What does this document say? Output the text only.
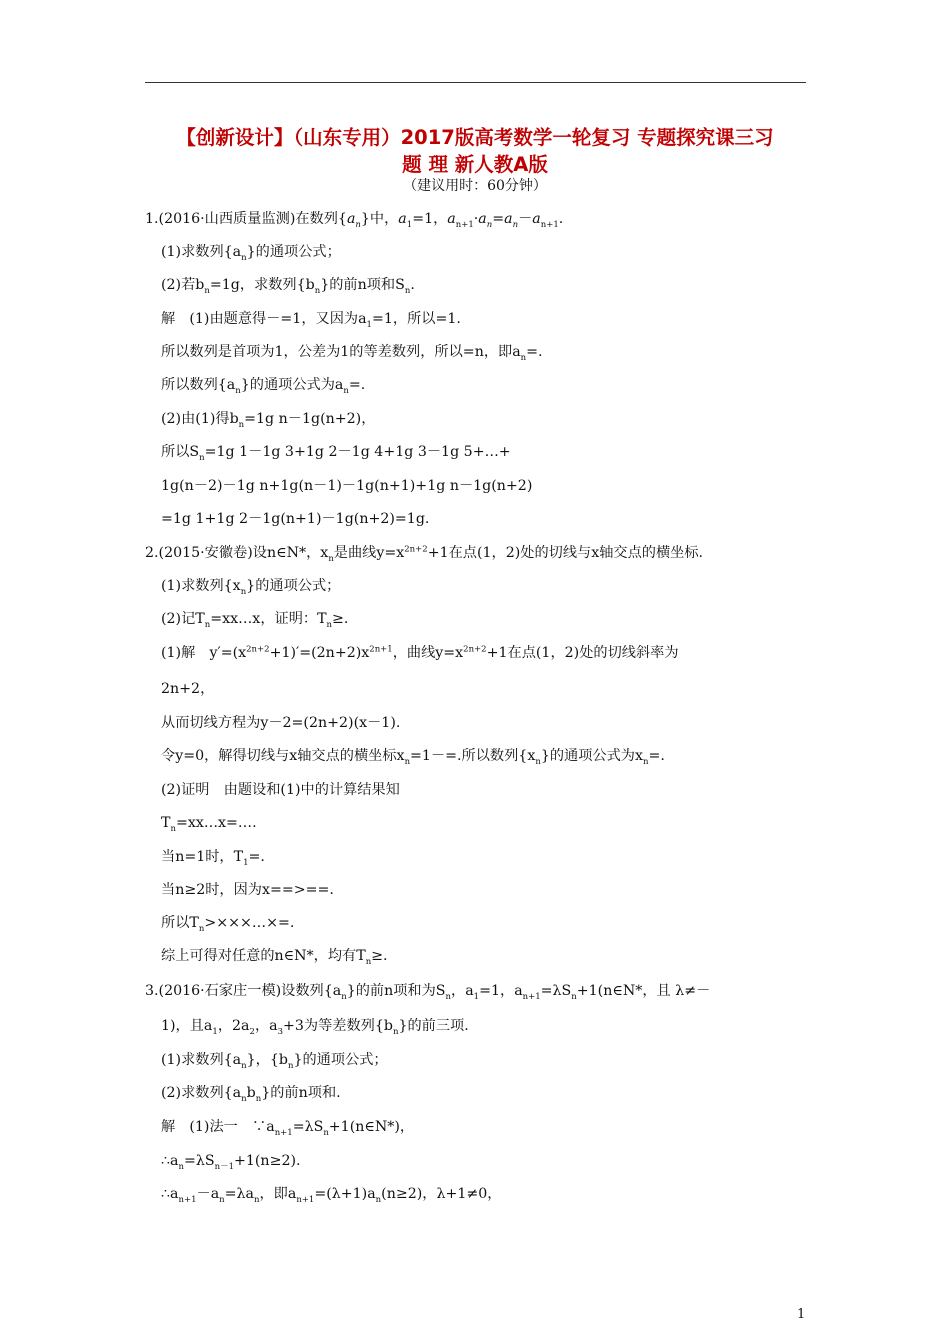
【创新设计】（山东专用）2017版高考数学一轮复习 专题探究课三习
题 理 新人教A版
（建议用时：60分钟）
1.(2016·山西质量监测)在数列$\{a_n\}$中，$a_1=1$，$a_{n+1}\cdot a_n=a_n-a_{n+1}$.
(1)求数列$\{a_n\}$的通项公式；
(2)若$b_n=1g$，求数列$\{b_n\}$的前n项和$S_n$.
解　(1)由题意得－=1，又因为$a_1=1$，所以=1.
所以数列是首项为1，公差为1的等差数列，所以=n，即$a_n=$.
所以数列$\{a_n\}$的通项公式为$a_n=$.
(2)由(1)得$b_n=1g$ n－1g(n+2)，
所以$S_n=1g$ 1－1g 3+1g 2－1g 4+1g 3－1g 5+…+
1g(n－2)－1g n+1g(n－1)－1g(n+1)+1g n－1g(n+2)
=1g 1+1g 2－1g(n+1)－1g(n+2)=1g.
2.(2015·安徽卷)设n∈N*，$x_n$是曲线$y=x^{2n+2}+1$在点(1，2)处的切线与x轴交点的横坐标.
(1)求数列$\{x_n\}$的通项公式；
(2)记$T_n=xx\dots x$，证明：$T_n\ge$.
(1)解　$y'=(x^{2n+2}+1)'=(2n+2)x^{2n+1}$，曲线$y=x^{2n+2}+1$在点(1，2)处的切线斜率为
2n+2，
从而切线方程为y－2=(2n+2)(x－1).
令y=0，解得切线与x轴交点的横坐标$x_n=1-=$.所以数列$\{x_n\}$的通项公式为$x_n=$.
(2)证明　由题设和(1)中的计算结果知
$T_n=xx\dots x=\dots$.
当n=1时，$T_1=$.
当n≥2时，因为x==>==.
所以$T_n>\times\times\times\dots\times=$.
综上可得对任意的n∈N*，均有$T_n\ge$.
3.(2016·石家庄一模)设数列$\{a_n\}$的前n项和为$S_n$，$a_1=1$，$a_{n+1}=\lambda S_n+1(n\in N*$，且 λ≠－
1)，且$a_1$，$2a_2$，$a_3+3$为等差数列$\{b_n\}$的前三项.
(1)求数列$\{a_n\}$，$\{b_n\}$的通项公式；
(2)求数列$\{a_nb_n\}$的前n项和.
解　(1)法一　$\because a_{n+1}=\lambda S_n+1(n\in N*)$，
$\therefore a_n=\lambda S_{n-1}+1(n\ge 2)$.
$\therefore a_{n+1}-a_n=\lambda a_n$，即$a_{n+1}=(\lambda+1)a_n(n\ge 2)$，λ+1≠0，
1
